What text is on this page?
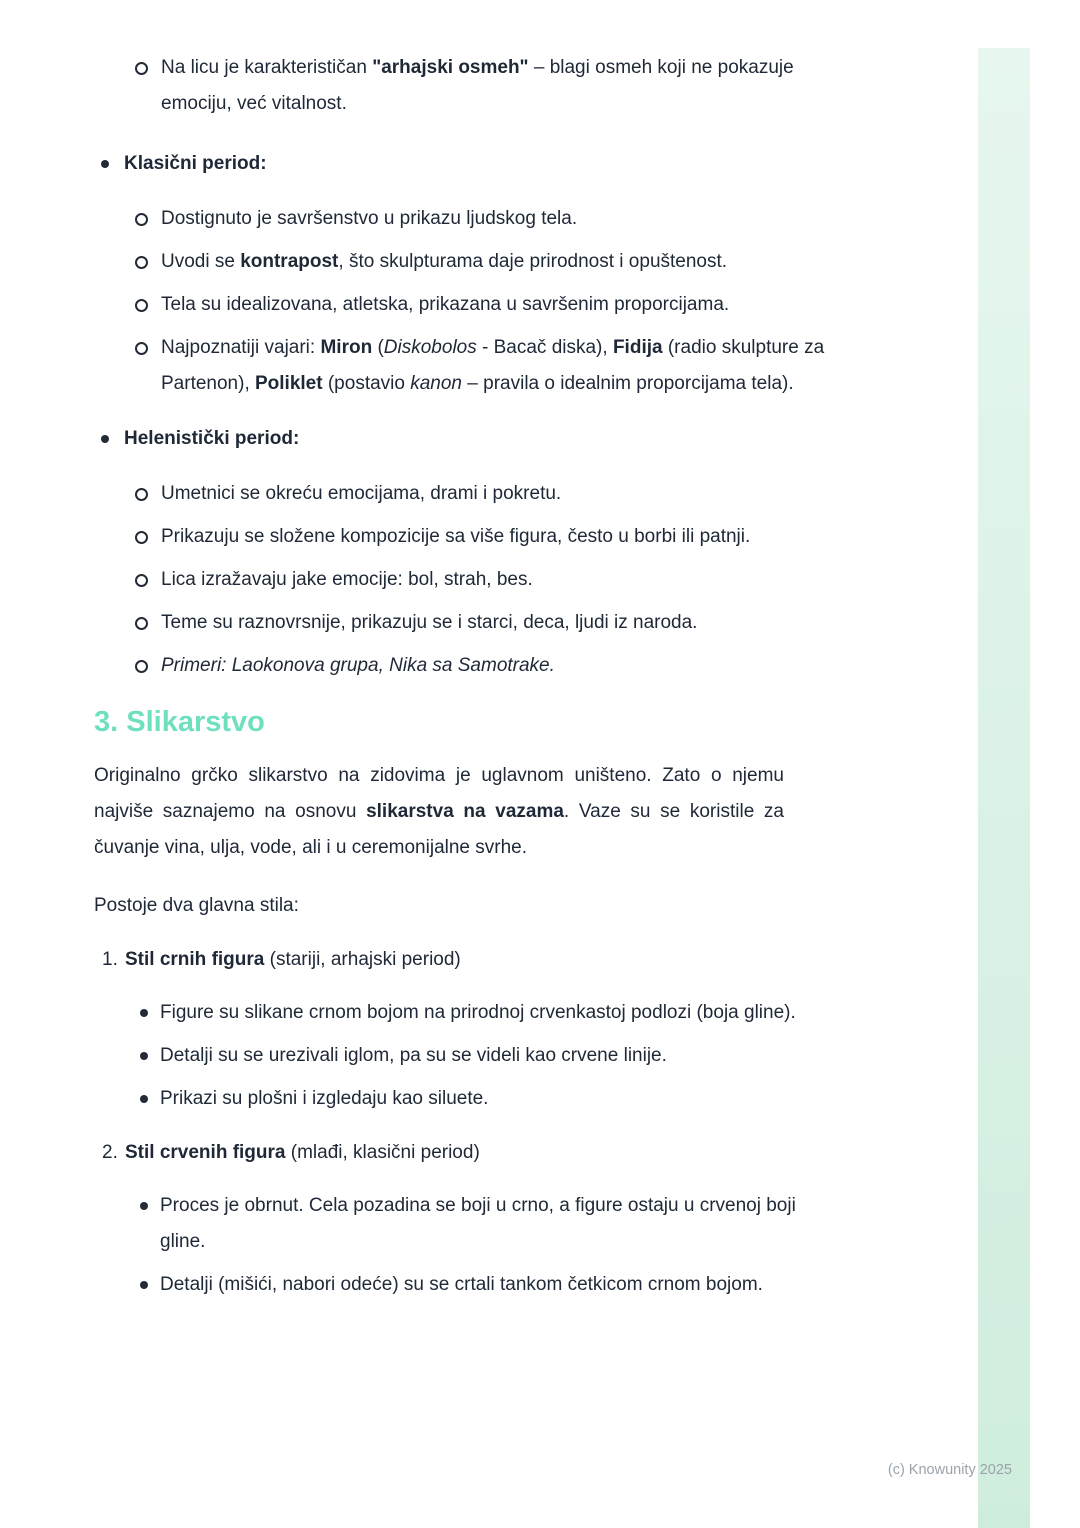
Na licu je karakterističan "arhajski osmeh" – blagi osmeh koji ne pokazuje emociju, već vitalnost.
Klasični period:
Dostignuto je savršenstvo u prikazu ljudskog tela.
Uvodi se kontrapost, što skulpturama daje prirodnost i opuštenost.
Tela su idealizovana, atletska, prikazana u savršenim proporcijama.
Najpoznatiji vajari: Miron (Diskobolos - Bacač diska), Fidija (radio skulpture za Partenon), Poliklet (postavio kanon – pravila o idealnim proporcijama tela).
Helenistički period:
Umetnici se okreću emocijama, drami i pokretu.
Prikazuju se složene kompozicije sa više figura, često u borbi ili patnji.
Lica izražavaju jake emocije: bol, strah, bes.
Teme su raznovrsnije, prikazuju se i starci, deca, ljudi iz naroda.
Primeri: Laokonova grupa, Nika sa Samotrake.
3. Slikarstvo

Originalno grčko slikarstvo na zidovima je uglavnom uništeno. Zato o njemu najviše saznajemo na osnovu slikarstva na vazama. Vaze su se koristile za čuvanje vina, ulja, vode, ali i u ceremonijalne svrhe.

Postoje dva glavna stila:

1. Stil crnih figura (stariji, arhajski period)
Figure su slikane crnom bojom na prirodnoj crvenkastoj podlozi (boja gline).
Detalji su se urezivali iglom, pa su se videli kao crvene linije.
Prikazi su plošni i izgledaju kao siluete.
2. Stil crvenih figura (mlađi, klasični period)
Proces je obrnut. Cela pozadina se boji u crno, a figure ostaju u crvenoj boji gline.
Detalji (mišići, nabori odeće) su se crtali tankom četkicom crnom bojom.
(c) Knowunity 2025
